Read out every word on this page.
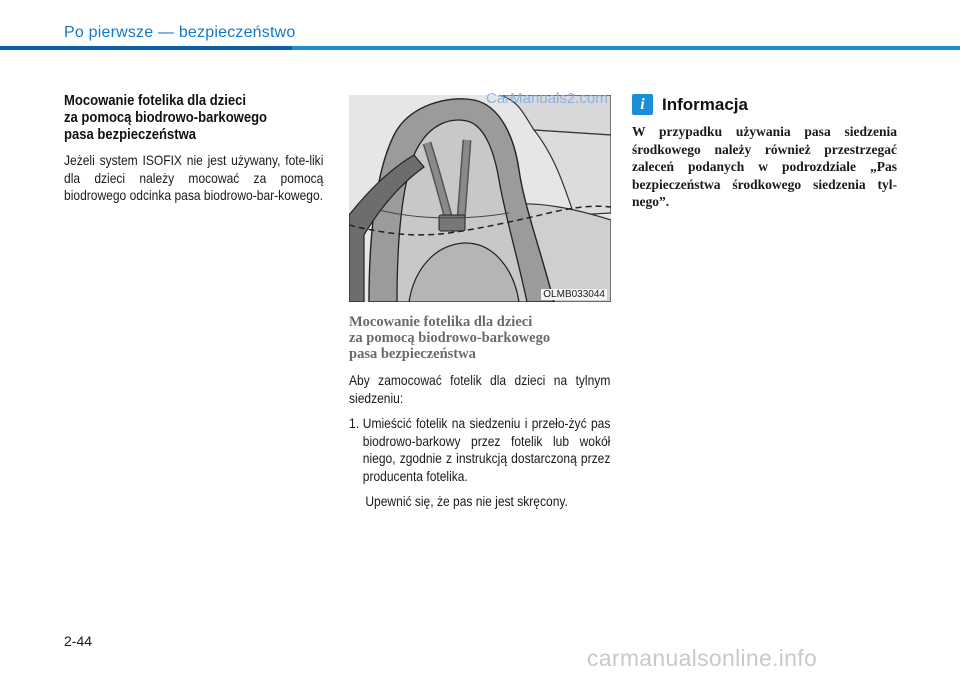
Po pierwsze — bezpieczeństwo
Mocowanie fotelika dla dzieci
za pomocą biodrowo-barkowego
pasa bezpieczeństwa

Jeżeli system ISOFIX nie jest używany, fote-liki dla dzieci należy mocować za pomocą biodrowego odcinka pasa biodrowo-bar-kowego.

OLMB033044
Mocowanie fotelika dla dzieci
za pomocą biodrowo-barkowego
pasa bezpieczeństwa

Aby zamocować fotelik dla dzieci na tylnym siedzeniu:

1. Umieścić fotelik na siedzeniu i przeło-żyć pas biodrowo-barkowy przez fotelik lub wokół niego, zgodnie z instrukcją dostarczoną przez producenta fotelika.

Upewnić się, że pas nie jest skręcony.

CarManuals2.com	i	Informacja

W przypadku używania pasa siedzenia środkowego należy również przestrzegać zaleceń podanych w podrozdziale „Pas bezpieczeństwa środkowego siedzenia tyl-nego”.

2-44
carmanualsonline.info
